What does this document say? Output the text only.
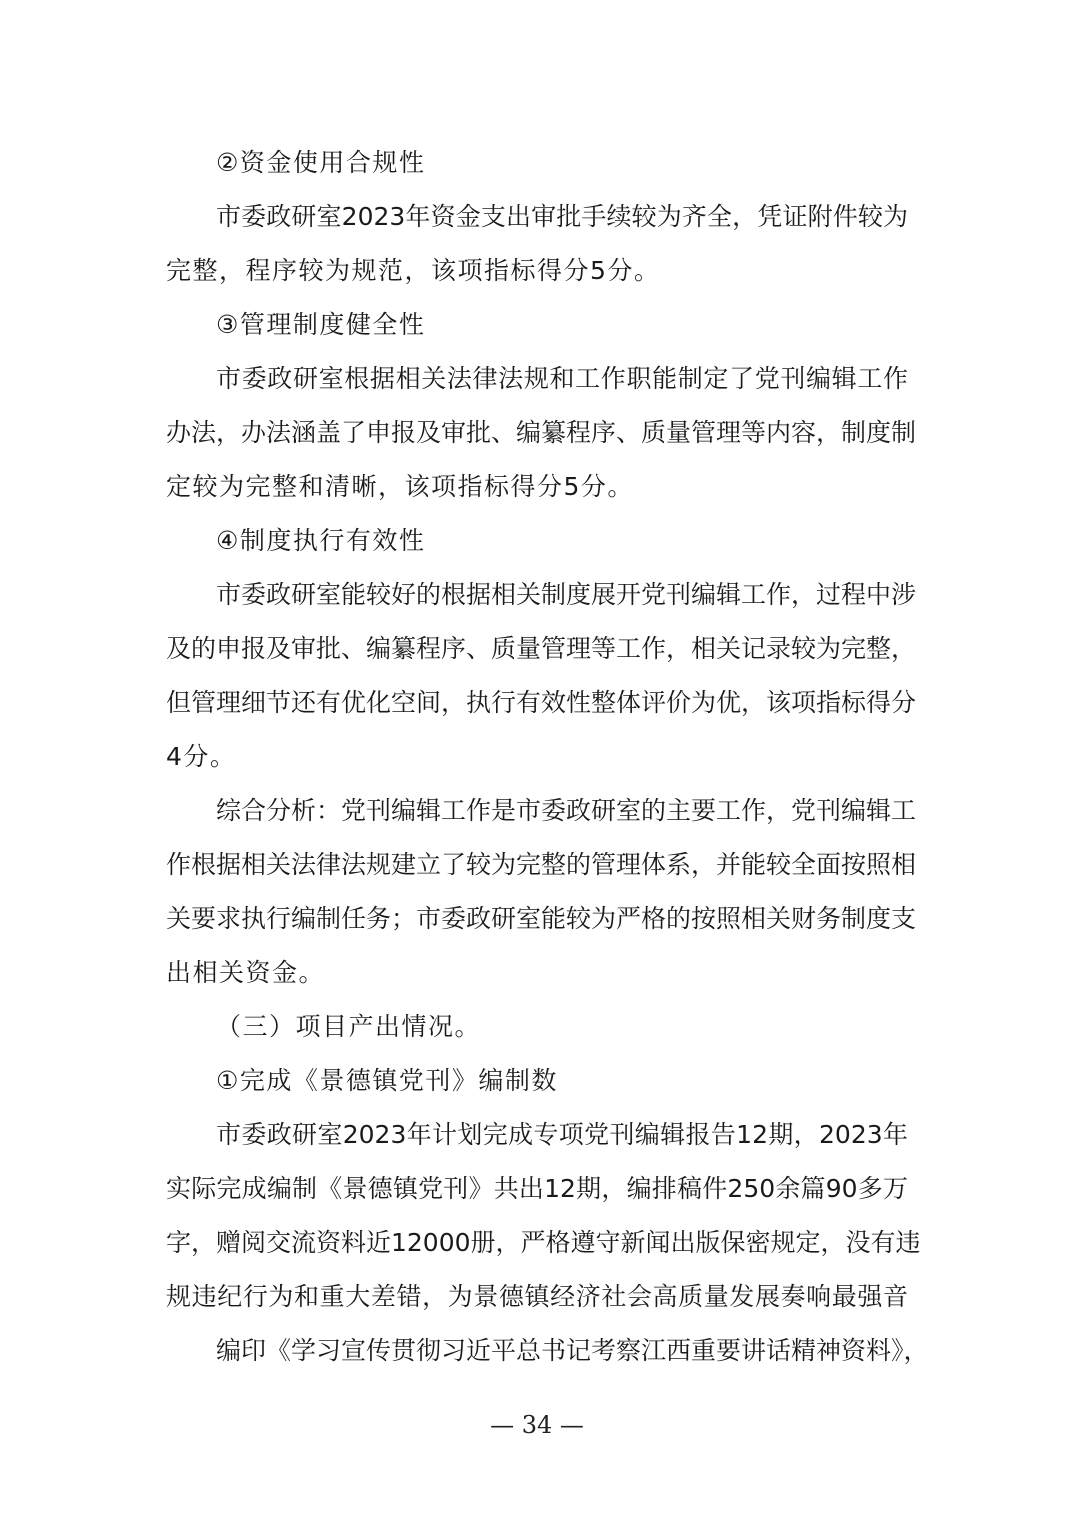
②资金使用合规性
市委政研室2023年资金支出审批手续较为齐全，凭证附件较为
完整，程序较为规范，该项指标得分5分。
③管理制度健全性
市委政研室根据相关法律法规和工作职能制定了党刊编辑工作
办法，办法涵盖了申报及审批、编纂程序、质量管理等内容，制度制
定较为完整和清晰，该项指标得分5分。
④制度执行有效性
市委政研室能较好的根据相关制度展开党刊编辑工作，过程中涉
及的申报及审批、编纂程序、质量管理等工作，相关记录较为完整，
但管理细节还有优化空间，执行有效性整体评价为优，该项指标得分
4分。
综合分析：党刊编辑工作是市委政研室的主要工作，党刊编辑工
作根据相关法律法规建立了较为完整的管理体系，并能较全面按照相
关要求执行编制任务；市委政研室能较为严格的按照相关财务制度支
出相关资金。
（三）项目产出情况。
①完成《景德镇党刊》编制数
市委政研室2023年计划完成专项党刊编辑报告12期，2023年
实际完成编制《景德镇党刊》共出12期，编排稿件250余篇90多万
字，赠阅交流资料近12000册，严格遵守新闻出版保密规定，没有违
规违纪行为和重大差错，为景德镇经济社会高质量发展奏响最强音
编印《学习宣传贯彻习近平总书记考察江西重要讲话精神资料》，
— 34 —
